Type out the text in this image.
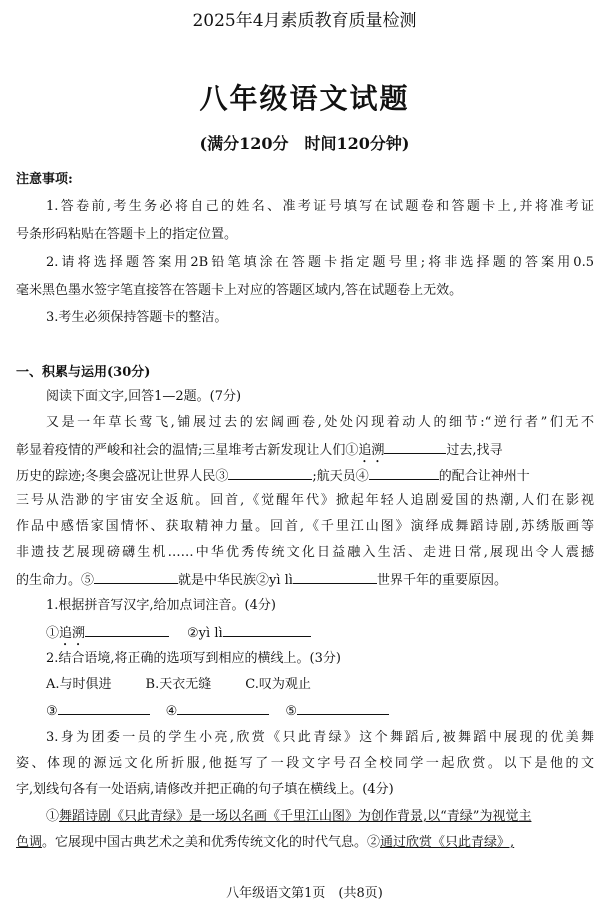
2025年4月素质教育质量检测
八年级语文试题
(满分120分　时间120分钟)
注意事项:
1.答卷前,考生务必将自己的姓名、准考证号填写在试题卷和答题卡上,并将准考证
号条形码粘贴在答题卡上的指定位置。
2.请将选择题答案用2B铅笔填涂在答题卡指定题号里;将非选择题的答案用0.5
毫米黑色墨水签字笔直接答在答题卡上对应的答题区域内,答在试题卷上无效。
3.考生必须保持答题卡的整洁。
一、积累与运用(30分)
阅读下面文字,回答1—2题。(7分)
又是一年草长莺飞,铺展过去的宏阔画卷,处处闪现着动人的细节:“逆行者”们无不
彰显着疫情的严峻和社会的温情;三星堆考古新发现让人们①追溯	过去,找寻
历史的踪迹;冬奥会盛况让世界人民③	;航天员④	的配合让神州十
三号从浩渺的宇宙安全返航。回首,《觉醒年代》掀起年轻人追剧爱国的热潮,人们在影视
作品中感悟家国情怀、获取精神力量。回首,《千里江山图》演绎成舞蹈诗剧,苏绣版画等
非遗技艺展现磅礴生机……中华优秀传统文化日益融入生活、走进日常,展现出令人震撼
的生命力。⑤	就是中华民族②yì lì	世界千年的重要原因。
1.根据拼音写汉字,给加点词注音。(4分)
①追溯	②yì lì
2.结合语境,将正确的选项写到相应的横线上。(3分)
A.与时俱进	B.天衣无缝	C.叹为观止
③	④	⑤
3.身为团委一员的学生小亮,欣赏《只此青绿》这个舞蹈后,被舞蹈中展现的优美舞
姿、体现的源远文化所折服,他挺写了一段文字号召全校同学一起欣赏。以下是他的文
字,划线句各有一处语病,请修改并把正确的句子填在横线上。(4分)
①舞蹈诗剧《只此青绿》是一场以名画《千里江山图》为创作背景,以“青绿”为视觉主
色调。它展现中国古典艺术之美和优秀传统文化的时代气息。②通过欣赏《只此青绿》,
八年级语文第1页　(共8页)
